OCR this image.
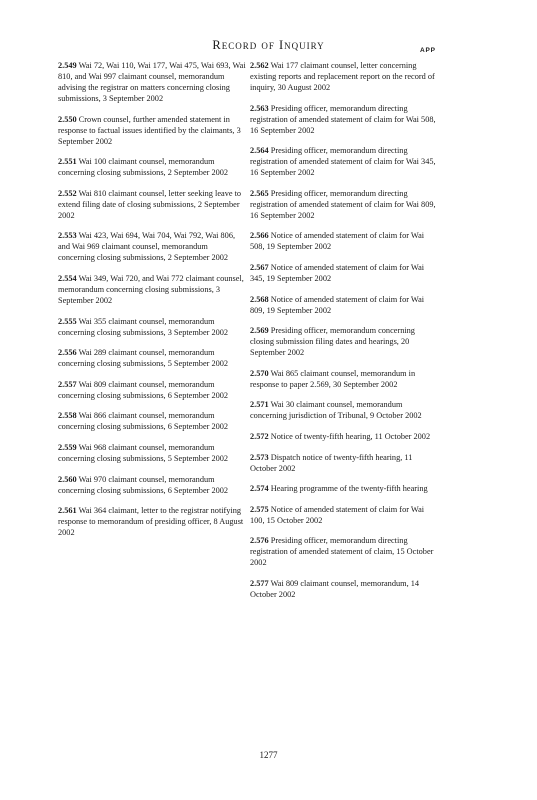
Record of Inquiry	APP

2.549 Wai 72, Wai 110, Wai 177, Wai 475, Wai 693, Wai 810, and Wai 997 claimant counsel, memorandum advising the registrar on matters concerning closing submissions, 3 September 2002

2.550 Crown counsel, further amended statement in response to factual issues identified by the claimants, 3 September 2002

2.551 Wai 100 claimant counsel, memorandum concerning closing submissions, 2 September 2002

2.552 Wai 810 claimant counsel, letter seeking leave to extend filing date of closing submissions, 2 September 2002

2.553 Wai 423, Wai 694, Wai 704, Wai 792, Wai 806, and Wai 969 claimant counsel, memorandum concerning closing submissions, 2 September 2002

2.554 Wai 349, Wai 720, and Wai 772 claimant counsel, memorandum concerning closing submissions, 3 September 2002

2.555 Wai 355 claimant counsel, memorandum concerning closing submissions, 3 September 2002

2.556 Wai 289 claimant counsel, memorandum concerning closing submissions, 5 September 2002

2.557 Wai 809 claimant counsel, memorandum concerning closing submissions, 6 September 2002

2.558 Wai 866 claimant counsel, memorandum concerning closing submissions, 6 September 2002

2.559 Wai 968 claimant counsel, memorandum concerning closing submissions, 5 September 2002

2.560 Wai 970 claimant counsel, memorandum concerning closing submissions, 6 September 2002

2.561 Wai 364 claimant, letter to the registrar notifying response to memorandum of presiding officer, 8 August 2002

2.562 Wai 177 claimant counsel, letter concerning existing reports and replacement report on the record of inquiry, 30 August 2002

2.563 Presiding officer, memorandum directing registration of amended statement of claim for Wai 508, 16 September 2002

2.564 Presiding officer, memorandum directing registration of amended statement of claim for Wai 345, 16 September 2002

2.565 Presiding officer, memorandum directing registration of amended statement of claim for Wai 809, 16 September 2002

2.566 Notice of amended statement of claim for Wai 508, 19 September 2002

2.567 Notice of amended statement of claim for Wai 345, 19 September 2002

2.568 Notice of amended statement of claim for Wai 809, 19 September 2002

2.569 Presiding officer, memorandum concerning closing submission filing dates and hearings, 20 September 2002

2.570 Wai 865 claimant counsel, memorandum in response to paper 2.569, 30 September 2002

2.571 Wai 30 claimant counsel, memorandum concerning jurisdiction of Tribunal, 9 October 2002

2.572 Notice of twenty-fifth hearing, 11 October 2002

2.573 Dispatch notice of twenty-fifth hearing, 11 October 2002

2.574 Hearing programme of the twenty-fifth hearing

2.575 Notice of amended statement of claim for Wai 100, 15 October 2002

2.576 Presiding officer, memorandum directing registration of amended statement of claim, 15 October 2002

2.577 Wai 809 claimant counsel, memorandum, 14 October 2002

1277
